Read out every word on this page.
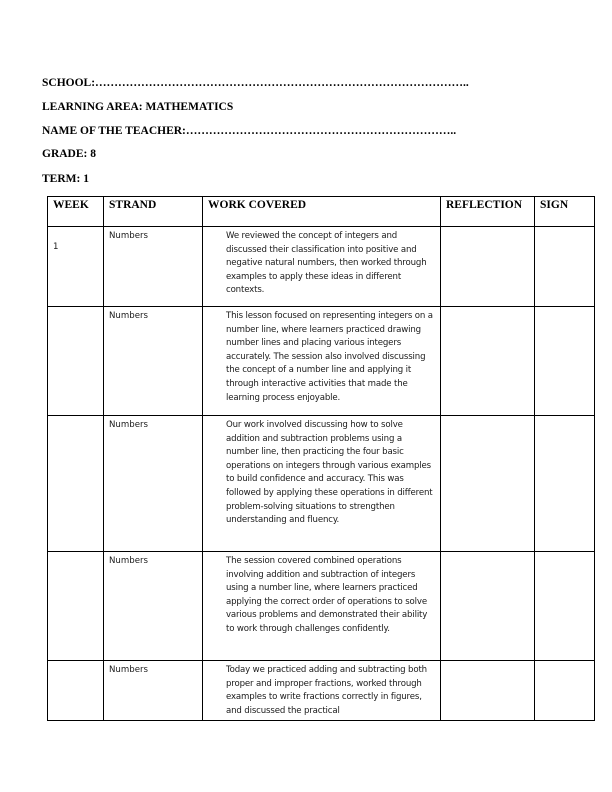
SCHOOL:……………………………………………………………………………………..
LEARNING AREA: MATHEMATICS
NAME OF THE TEACHER:……………………………………………………………..
GRADE: 8
TERM: 1
WEEK	STRAND	WORK COVERED	REFLECTION	SIGN

1	Numbers	We reviewed the concept of integers and discussed their classification into positive and negative natural numbers, then worked through examples to apply these ideas in different contexts.		

	Numbers	This lesson focused on representing integers on a number line, where learners practiced drawing number lines and placing various integers accurately. The session also involved discussing the concept of a number line and applying it through interactive activities that made the learning process enjoyable.		

	Numbers	Our work involved discussing how to solve addition and subtraction problems using a number line, then practicing the four basic operations on integers through various examples to build confidence and accuracy. This was followed by applying these operations in different problem-solving situations to strengthen understanding and fluency.		

	Numbers	The session covered combined operations involving addition and subtraction of integers using a number line, where learners practiced applying the correct order of operations to solve various problems and demonstrated their ability to work through challenges confidently.		

	Numbers	Today we practiced adding and subtracting both proper and improper fractions, worked through examples to write fractions correctly in figures, and discussed the practical		
